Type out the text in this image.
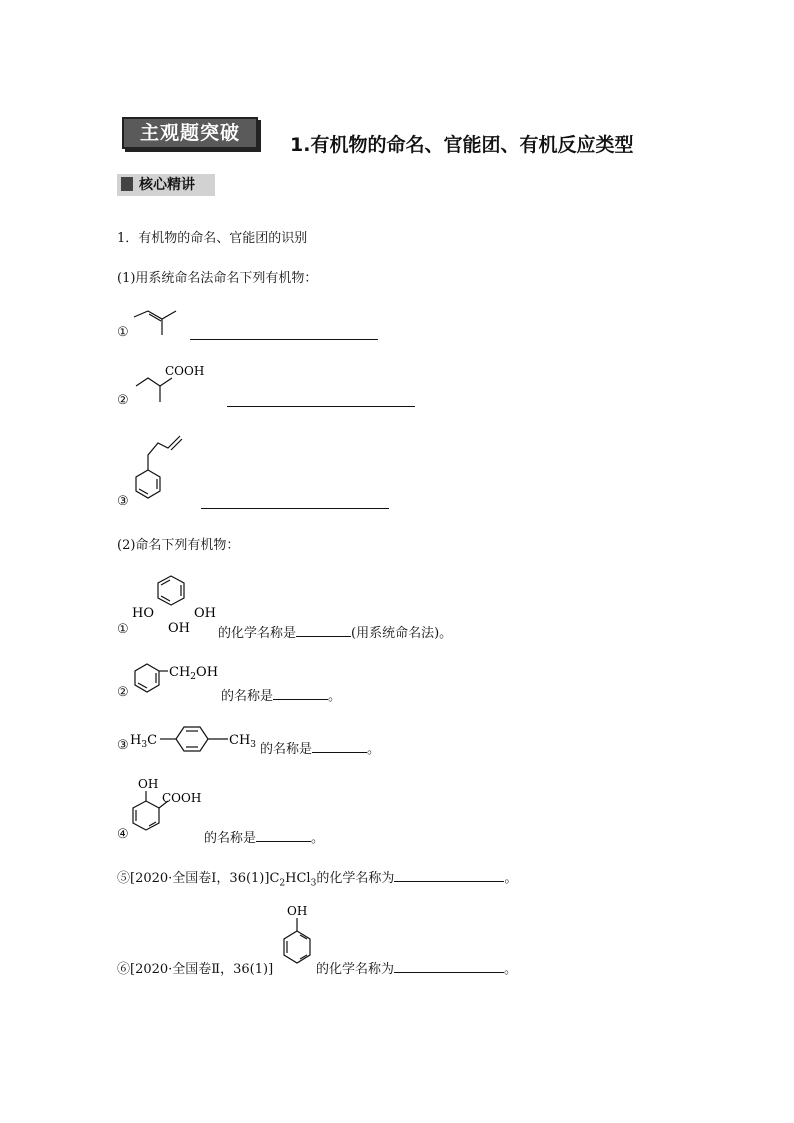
主观题突破
1.有机物的命名、官能团、有机反应类型
核心精讲
1．有机物的命名、官能团的识别
(1)用系统命名法命名下列有机物：
①
②
COOH
③
(2)命名下列有机物：
①
HO	OH
OH 的化学名称是	(用系统命名法)。
②
$CH_2OH$
的名称是	。
③ $H_3C$	$CH_3$ 的名称是	。
④
OH
COOH
的名称是	。
⑤[2020·全国卷Ⅰ，$36(1)]C_2HCl_3$的化学名称为	。
⑥[2020·全国卷Ⅱ，36(1)]
OH
的化学名称为	。
